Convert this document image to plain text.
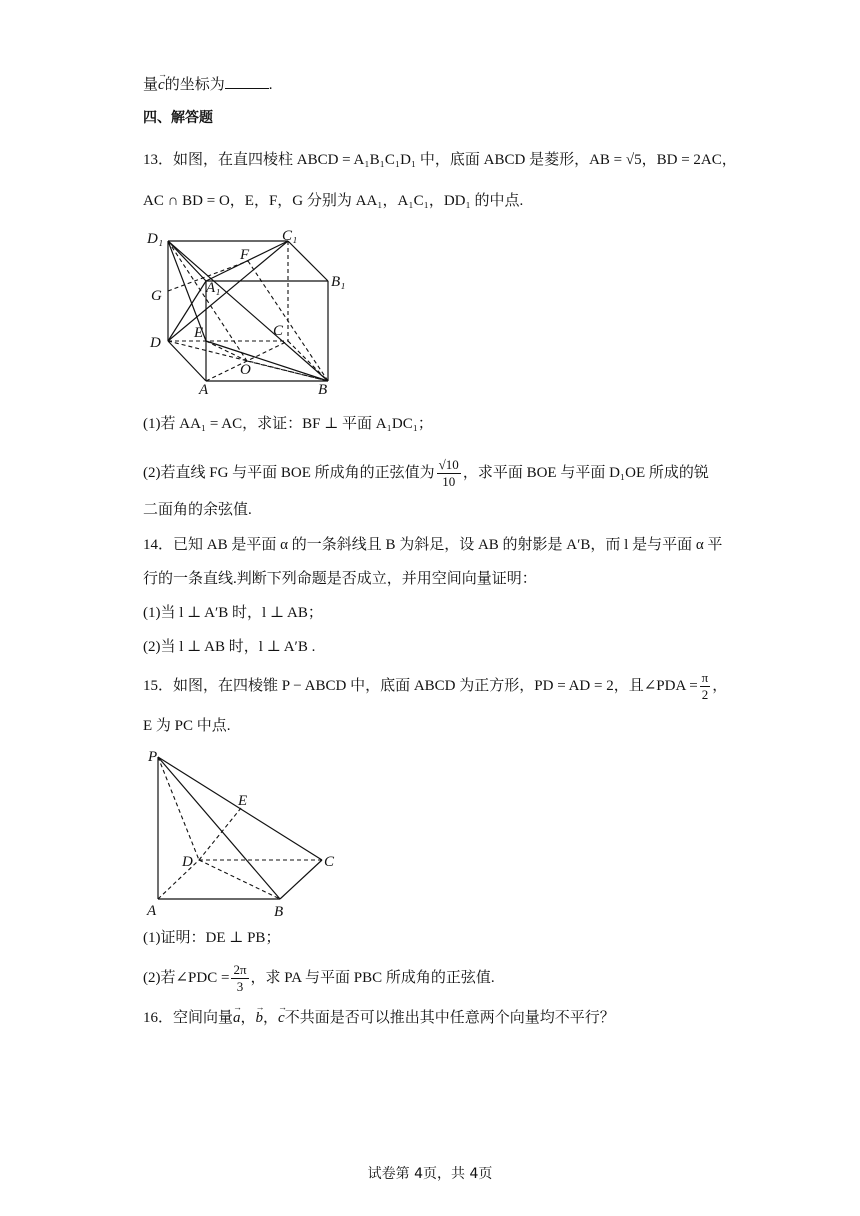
量→ c的坐标为	.
四、解答题
13．如图，在直四棱柱 ABCD = A₁B₁C₁D₁ 中，底面 ABCD 是菱形，AB = √5，BD = 2AC，
AC ∩ BD = O，E，F，G 分别为 AA₁，A₁C₁，DD₁ 的中点.
D₁	C₁
B₁
A₁
F
G
D
E	C
O
A	B
(1)若 AA₁ = AC，求证：BF ⊥ 平面 A₁DC₁；
(2)若直线 FG 与平面 BOE 所成角的正弦值为 $\frac{√10}{10}$ ，求平面 BOE 与平面 D₁OE 所成的锐
二面角的余弦值.
14．已知 AB 是平面 α 的一条斜线且 B 为斜足，设 AB 的射影是 A′B，而 l 是与平面 α 平
行的一条直线.判断下列命题是否成立，并用空间向量证明：
(1)当 l ⊥ A′B 时，l ⊥ AB；
(2)当 l ⊥ AB 时，l ⊥ A′B .
15．如图，在四棱锥 P − ABCD 中，底面 ABCD 为正方形，PD = AD = 2，且∠PDA = $\frac{\pi}{2}$ ，
E 为 PC 中点.
P
E
D	C
A	B
(1)证明：DE ⊥ PB；
(2)若∠PDC = $\frac{2\pi}{3}$ ，求 PA 与平面 PBC 所成角的正弦值.
16．空间向量→ a，→ b，→ c不共面是否可以推出其中任意两个向量均不平行？
试卷第 4页，共 4页
